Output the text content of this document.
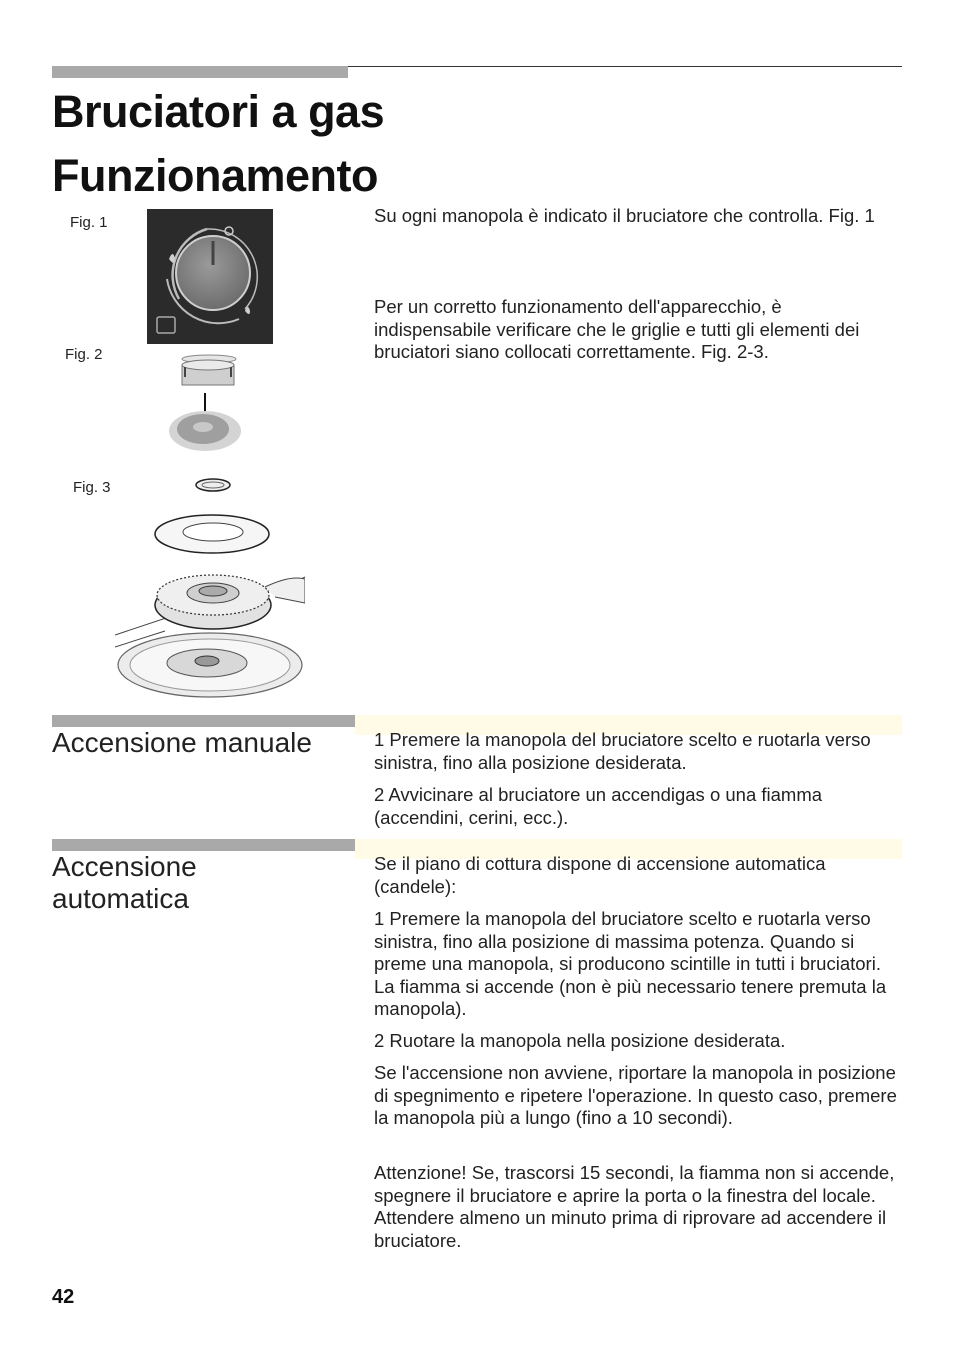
Bruciatori a gas
Funzionamento
Fig. 1
Fig. 2
Fig. 3

Su ogni manopola è indicato il bruciatore che controlla. Fig. 1

Per un corretto funzionamento dell'apparecchio, è indispensabile verificare che le griglie e tutti gli elementi dei bruciatori siano collocati correttamente. Fig. 2-3.

Accensione manuale	1 Premere la manopola del bruciatore scelto e ruotarla verso sinistra, fino alla posizione desiderata.

2 Avvicinare al bruciatore un accendigas o una fiamma (accendini, cerini, ecc.).

Accensione automatica

Se il piano di cottura dispone di accensione automatica (candele):

1 Premere la manopola del bruciatore scelto e ruotarla verso sinistra, fino alla posizione di massima potenza. Quando si preme una manopola, si producono scintille in tutti i bruciatori. La fiamma si accende (non è più necessario tenere premuta la manopola).

2 Ruotare la manopola nella posizione desiderata.

Se l'accensione non avviene, riportare la manopola in posizione di spegnimento e ripetere l'operazione. In questo caso, premere la manopola più a lungo (fino a 10 secondi).

Attenzione! Se, trascorsi 15 secondi, la fiamma non si accende, spegnere il bruciatore e aprire la porta o la finestra del locale. Attendere almeno un minuto prima di riprovare ad accendere il bruciatore.

42
